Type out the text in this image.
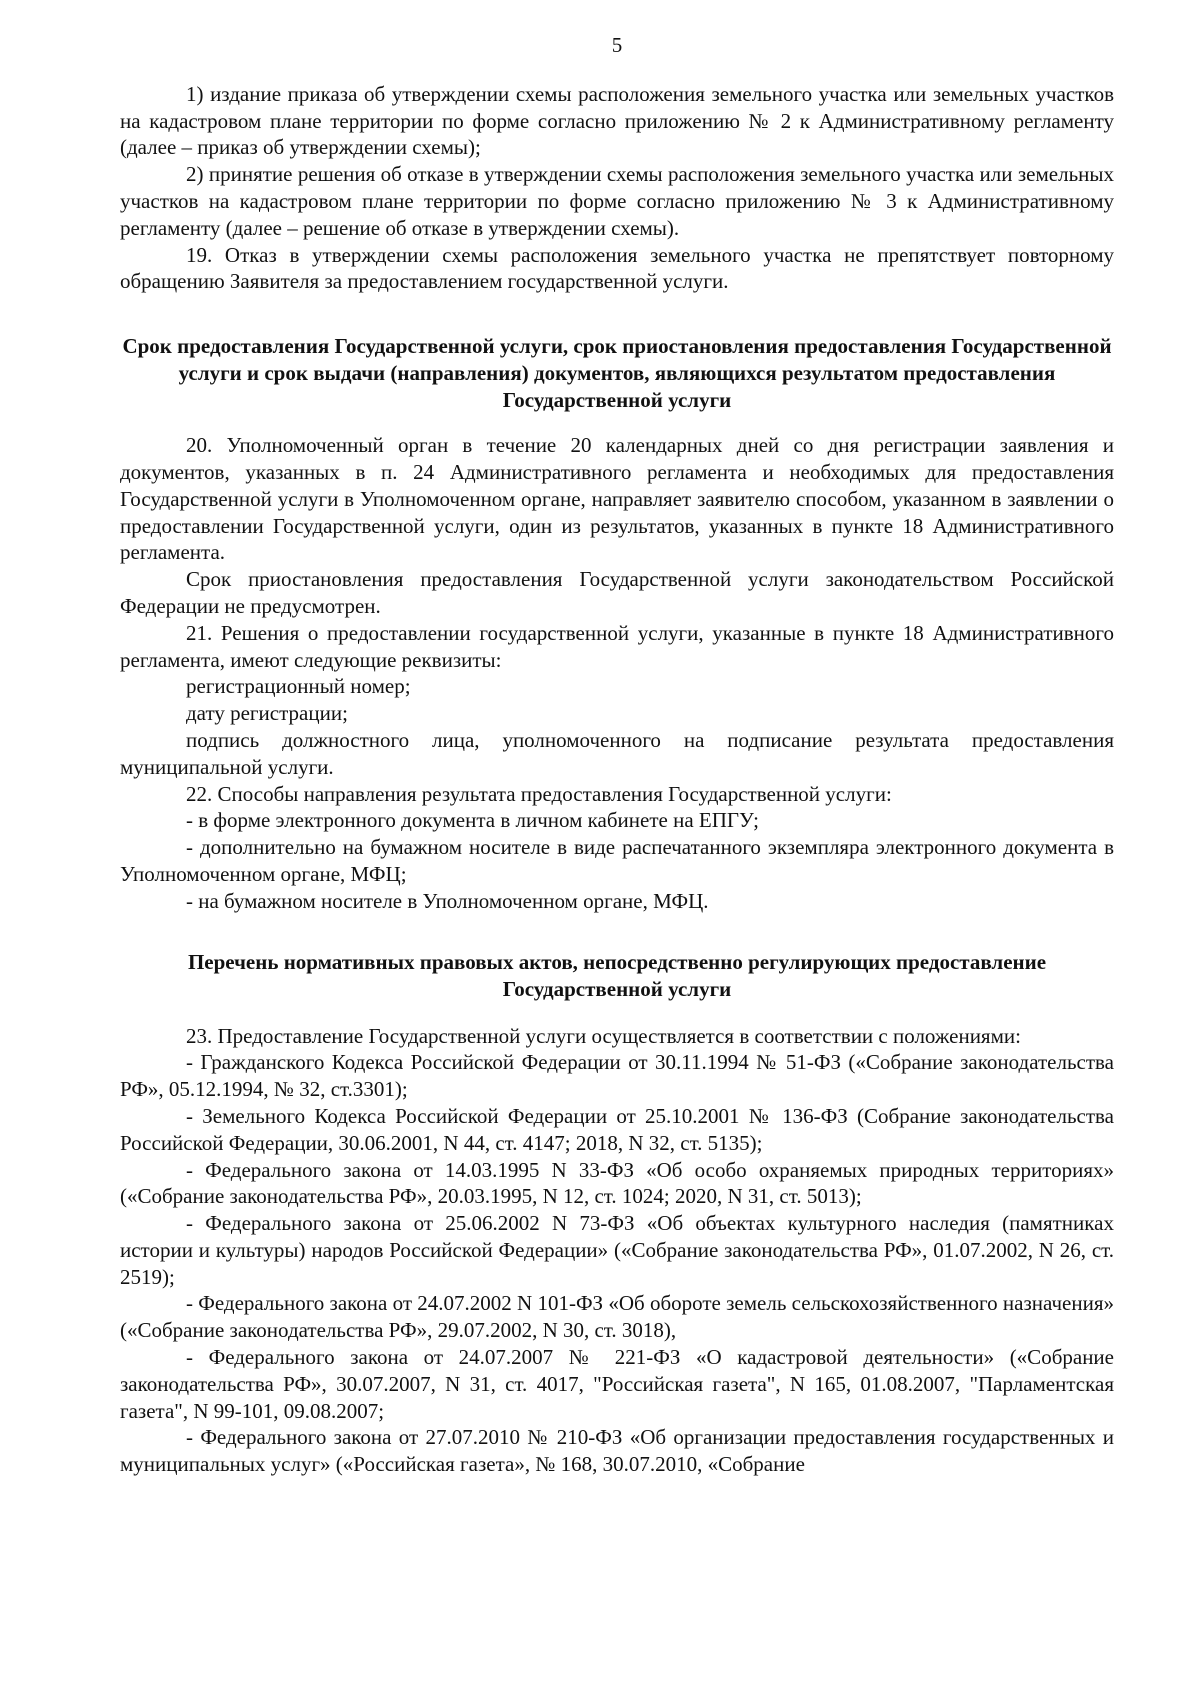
5

1) издание приказа об утверждении схемы расположения земельного участка или земельных участков на кадастровом плане территории по форме согласно приложению № 2 к Административному регламенту (далее – приказ об утверждении схемы);

2) принятие решения об отказе в утверждении схемы расположения земельного участка или земельных участков на кадастровом плане территории по форме согласно приложению № 3 к Административному регламенту (далее – решение об отказе в утверждении схемы).

19. Отказ в утверждении схемы расположения земельного участка не препятствует повторному обращению Заявителя за предоставлением государственной услуги.

Срок предоставления Государственной услуги, срок приостановления предоставления Государственной услуги и срок выдачи (направления) документов, являющихся результатом предоставления Государственной услуги

20. Уполномоченный орган в течение 20 календарных дней со дня регистрации заявления и документов, указанных в п. 24 Административного регламента и необходимых для предоставления Государственной услуги в Уполномоченном органе, направляет заявителю способом, указанном в заявлении о предоставлении Государственной услуги, один из результатов, указанных в пункте 18 Административного регламента.

Срок приостановления предоставления Государственной услуги законодательством Российской Федерации не предусмотрен.

21. Решения о предоставлении государственной услуги, указанные в пункте 18 Административного регламента, имеют следующие реквизиты:

регистрационный номер;

дату регистрации;

подпись должностного лица, уполномоченного на подписание результата предоставления муниципальной услуги.

22. Способы направления результата предоставления Государственной услуги:

- в форме электронного документа в личном кабинете на ЕПГУ;

- дополнительно на бумажном носителе в виде распечатанного экземпляра электронного документа в Уполномоченном органе, МФЦ;

- на бумажном носителе в Уполномоченном органе, МФЦ.

Перечень нормативных правовых актов, непосредственно регулирующих предоставление Государственной услуги

23. Предоставление Государственной услуги осуществляется в соответствии с положениями:

- Гражданского Кодекса Российской Федерации от 30.11.1994 № 51-ФЗ («Собрание законодательства РФ», 05.12.1994, № 32, ст.3301);

- Земельного Кодекса Российской Федерации от 25.10.2001 № 136-ФЗ (Собрание законодательства Российской Федерации, 30.06.2001, N 44, ст. 4147; 2018, N 32, ст. 5135);

- Федерального закона от 14.03.1995 N 33-ФЗ «Об особо охраняемых природных территориях» («Собрание законодательства РФ», 20.03.1995, N 12, ст. 1024; 2020, N 31, ст. 5013);

- Федерального закона от 25.06.2002 N 73-ФЗ «Об объектах культурного наследия (памятниках истории и культуры) народов Российской Федерации» («Собрание законодательства РФ», 01.07.2002, N 26, ст. 2519);

- Федерального закона от 24.07.2002 N 101-ФЗ «Об обороте земель сельскохозяйственного назначения» («Собрание законодательства РФ», 29.07.2002, N 30, ст. 3018),

- Федерального закона от 24.07.2007 № 221-ФЗ «О кадастровой деятельности» («Собрание законодательства РФ», 30.07.2007, N 31, ст. 4017, "Российская газета", N 165, 01.08.2007, "Парламентская газета", N 99-101, 09.08.2007;

- Федерального закона от 27.07.2010 № 210-ФЗ «Об организации предоставления государственных и муниципальных услуг» («Российская газета», № 168, 30.07.2010, «Собрание
